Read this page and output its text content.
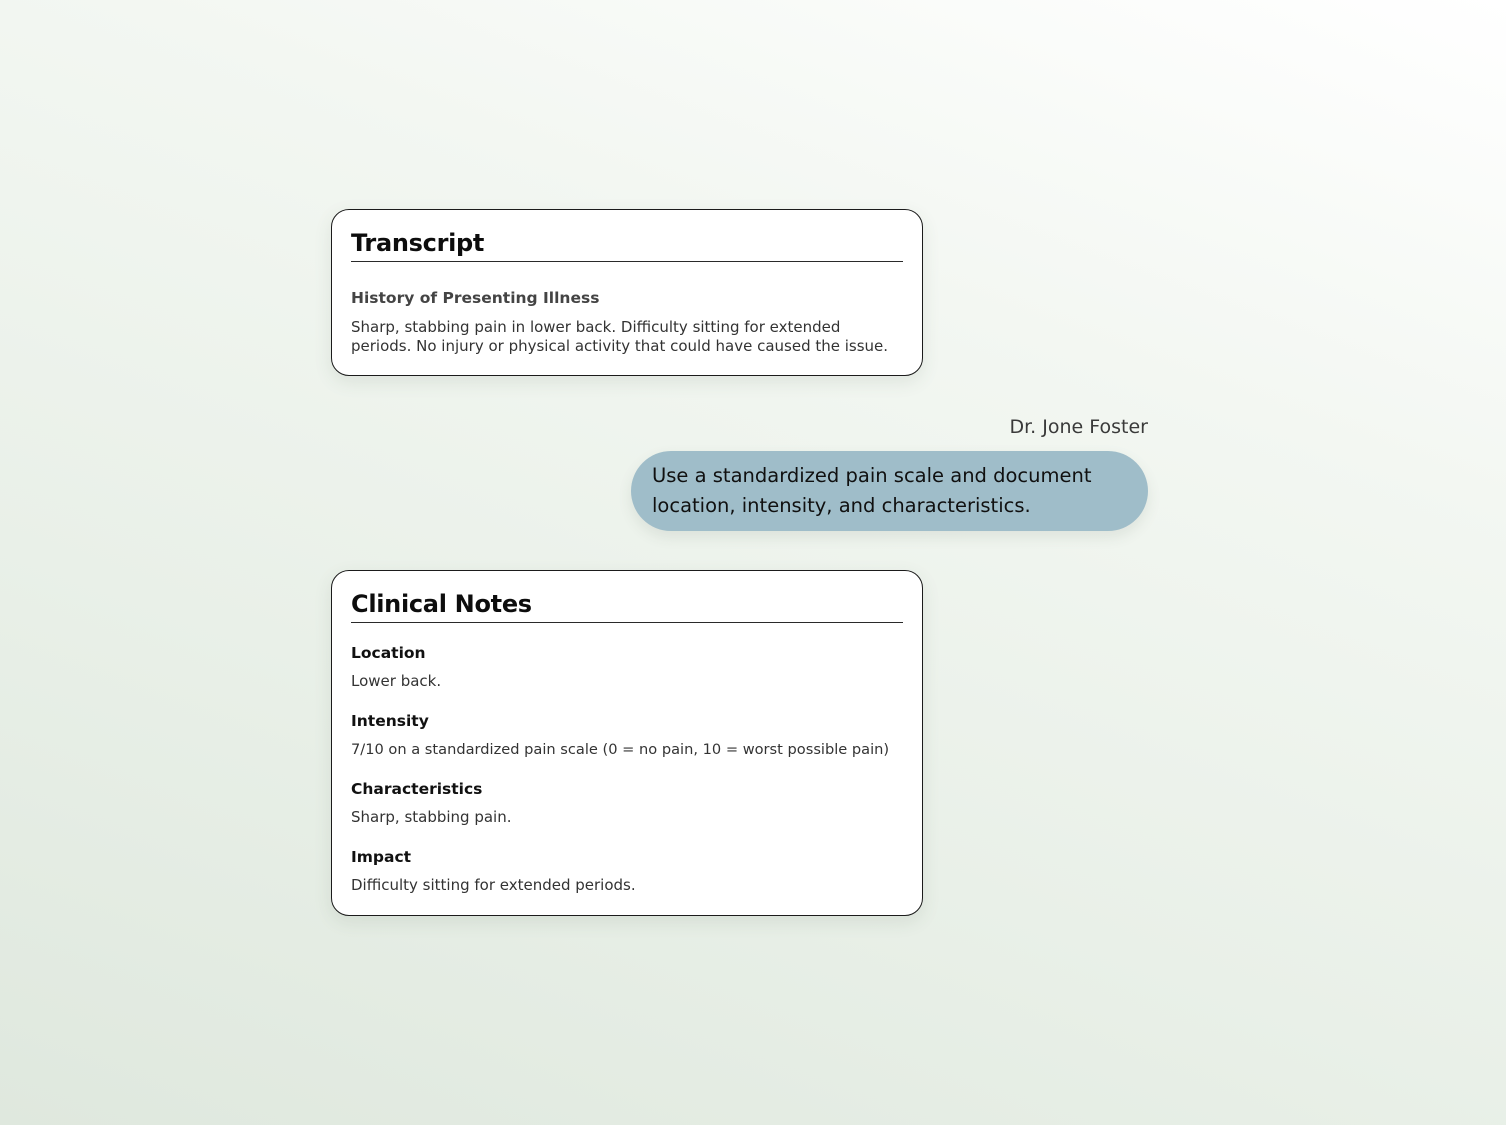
Transcript

History of Presenting Illness

Sharp, stabbing pain in lower back. Difficulty sitting for extended periods. No injury or physical activity that could have caused the issue.

Dr. Jone Foster

Use a standardized pain scale and document location, intensity, and characteristics.

Clinical Notes

Location

Lower back.

Intensity

7/10 on a standardized pain scale (0 = no pain, 10 = worst possible pain)

Characteristics

Sharp, stabbing pain.

Impact

Difficulty sitting for extended periods.
